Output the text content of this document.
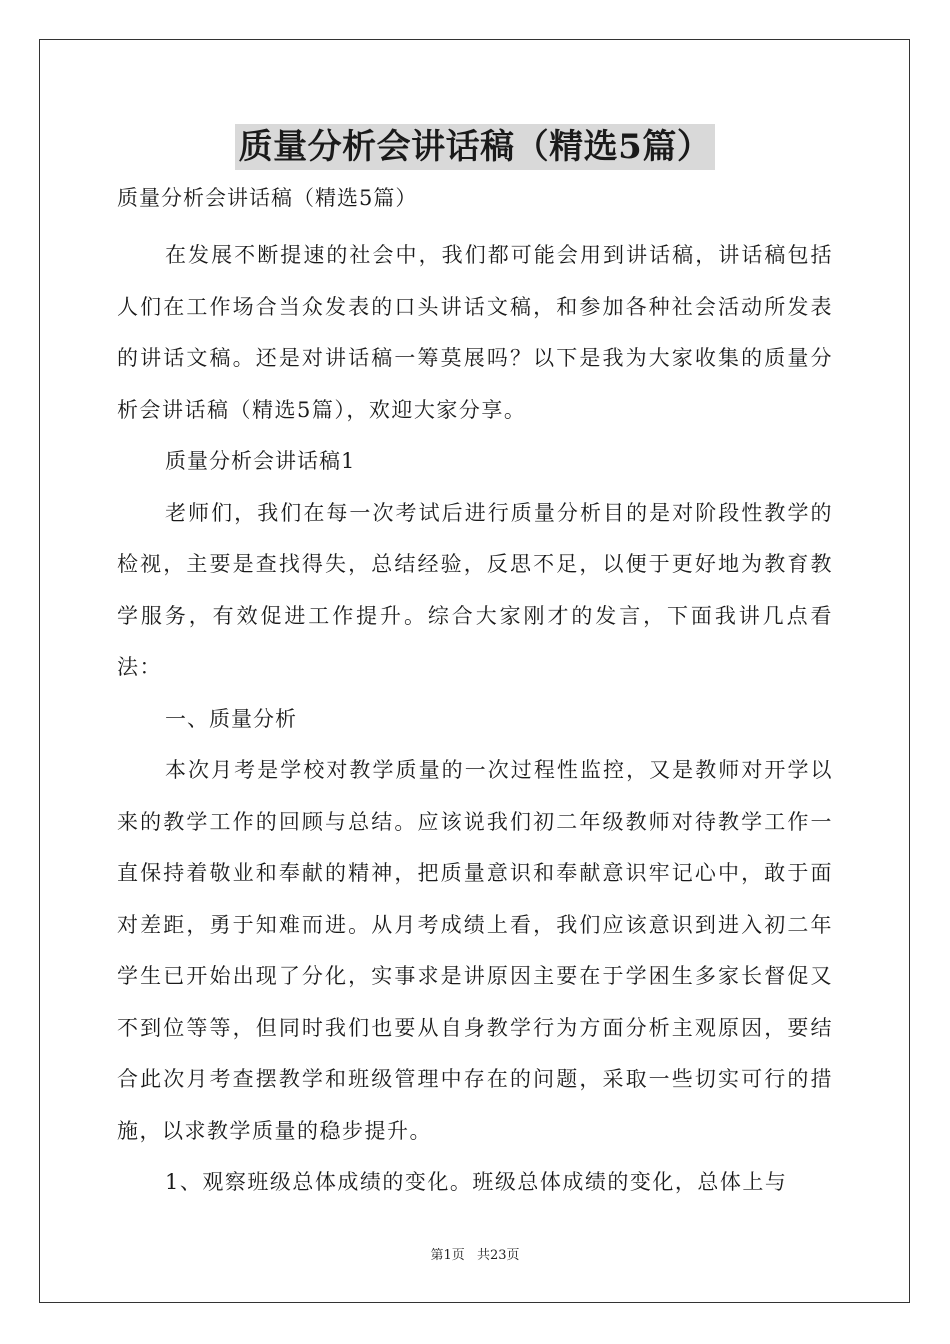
质量分析会讲话稿（精选5篇）

质量分析会讲话稿（精选5篇）

在发展不断提速的社会中，我们都可能会用到讲话稿，讲话稿包括人们在工作场合当众发表的口头讲话文稿，和参加各种社会活动所发表的讲话文稿。还是对讲话稿一筹莫展吗？以下是我为大家收集的质量分析会讲话稿（精选5篇），欢迎大家分享。

质量分析会讲话稿1

老师们，我们在每一次考试后进行质量分析目的是对阶段性教学的检视，主要是查找得失，总结经验，反思不足，以便于更好地为教育教学服务，有效促进工作提升。综合大家刚才的发言，下面我讲几点看法：

一、质量分析

本次月考是学校对教学质量的一次过程性监控，又是教师对开学以来的教学工作的回顾与总结。应该说我们初二年级教师对待教学工作一直保持着敬业和奉献的精神，把质量意识和奉献意识牢记心中，敢于面对差距，勇于知难而进。从月考成绩上看，我们应该意识到进入初二年学生已开始出现了分化，实事求是讲原因主要在于学困生多家长督促又不到位等等，但同时我们也要从自身教学行为方面分析主观原因，要结合此次月考查摆教学和班级管理中存在的问题，采取一些切实可行的措施，以求教学质量的稳步提升。

1、观察班级总体成绩的变化。班级总体成绩的变化，总体上与

第1页 共23页
